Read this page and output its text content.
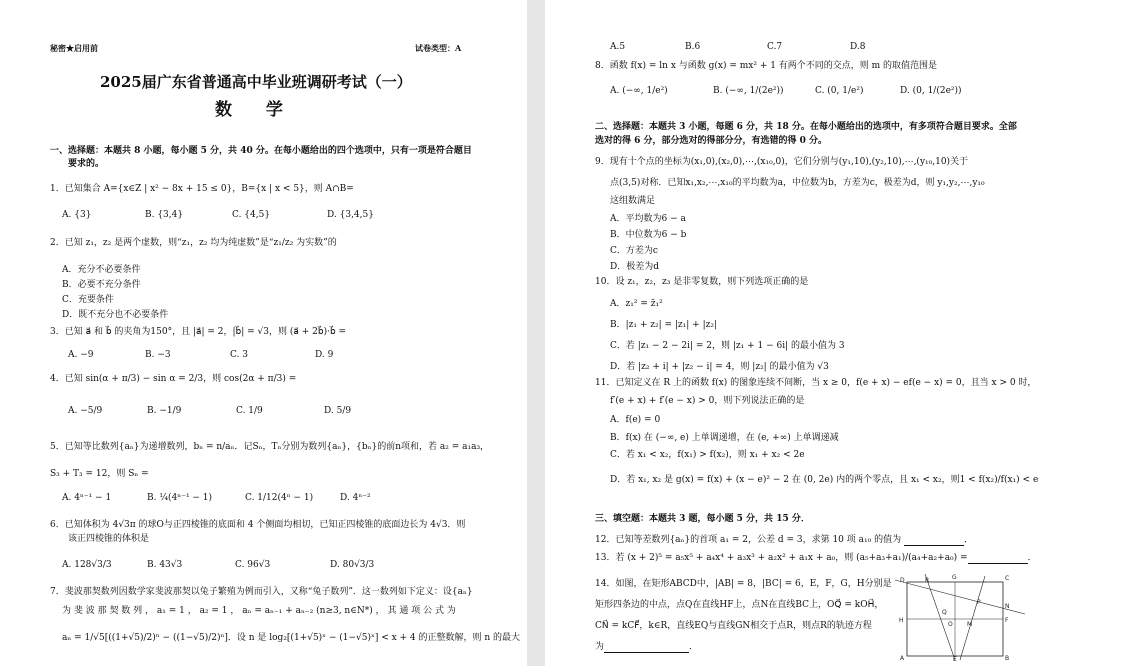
秘密★启用前	试卷类型：A
2025届广东省普通高中毕业班调研考试（一）
数 学
一、选择题：本题共 8 小题，每小题 5 分，共 40 分。在每小题给出的四个选项中，只有一项是符合题目
要求的。
1．已知集合 A={x∈Z | x² − 8x + 15 ≤ 0}，B={x | x < 5}，则 A∩B=
A. {3}	B. {3,4}	C. {4,5}	D. {3,4,5}
2．已知 z₁，z₂ 是两个虚数，则“z₁，z₂ 均为纯虚数”是“z₁/z₂ 为实数”的
A．充分不必要条件
B．必要不充分条件
C．充要条件
D．既不充分也不必要条件
3．已知 a⃗ 和 b⃗ 的夹角为150°，且 |a⃗| = 2，|b⃗| = √3，则 (a⃗ + 2b⃗)·b⃗ =
A. −9	B. −3	C. 3	D. 9
4．已知 sin(α + π/3) − sin α = 2/3，则 cos(2α + π/3) =
A. −5/9	B. −1/9	C. 1/9	D. 5/9
5．已知等比数列{aₙ}为递增数列，bₙ = n/aₙ．记Sₙ，Tₙ分别为数列{aₙ}，{bₙ}的前n项和，若 a₂ = a₁a₃，
S₃ + T₃ = 12，则 Sₙ =
A. 4ⁿ⁻¹ − 1	B. ¼(4ⁿ⁻¹ − 1)	C. 1/12(4ⁿ − 1)	D. 4ⁿ⁻²
6．已知体积为 4√3π 的球O与正四棱锥的底面和 4 个侧面均相切，已知正四棱锥的底面边长为 4√3．则
该正四棱锥的体积是
A. 128√3/3	B. 43√3	C. 96√3	D. 80√3/3
7．斐波那契数列因数学家斐波那契以兔子繁殖为例而引入，又称“兔子数列”．这一数列如下定义：设{aₙ}
为 斐 波 那 契 数 列 ， a₁ = 1 ， a₂ = 1 ， aₙ = aₙ₋₁ + aₙ₋₂ (n≥3, n∈N*) ， 其 通 项 公 式 为
aₙ = 1/√5[((1+√5)/2)ⁿ − ((1−√5)/2)ⁿ]．设 n 是 log₂[(1+√5)ˣ − (1−√5)ˣ] < x + 4 的正整数解，则 n 的最大
A.5	B.6	C.7	D.8
8．函数 f(x) = ln x 与函数 g(x) = mx² + 1 有两个不同的交点，则 m 的取值范围是
A. (−∞, 1/e²)	B. (−∞, 1/(2e²))	C. (0, 1/e²)	D. (0, 1/(2e²))
二、选择题：本题共 3 小题，每题 6 分，共 18 分。在每小题给出的选项中，有多项符合题目要求。全部
选对的得 6 分，部分选对的得部分分，有选错的得 0 分。
9．现有十个点的坐标为(x₁,0),(x₂,0),⋯,(x₁₀,0)，它们分别与(y₁,10),(y₂,10),⋯,(y₁₀,10)关于
点(3,5)对称．已知x₁,x₂,⋯,x₁₀的平均数为a，中位数为b，方差为c，极差为d，则 y₁,y₂,⋯,y₁₀
这组数满足
A．平均数为6 − a
B．中位数为6 − b
C．方差为c
D．极差为d
10．设 z₁，z₂，z₃ 是非零复数，则下列选项正确的是
A．z₁² = z̄₁²
B．|z₁ + z₂| = |z₁| + |z₂|
C．若 |z₁ − 2 − 2i| = 2，则 |z₁ + 1 − 6i| 的最小值为 3
D．若 |z₂ + i| + |z₂ − i| = 4，则 |z₂| 的最小值为 √3
11．已知定义在 R 上的函数 f(x) 的图象连续不间断，当 x ≥ 0，f(e + x) − ef(e − x) = 0，且当 x > 0 时，
f′(e + x) + f′(e − x) > 0，则下列说法正确的是
A．f(e) = 0
B．f(x) 在 (−∞, e) 上单调递增，在 (e, +∞) 上单调递减
C．若 x₁ < x₂，f(x₁) > f(x₂)，则 x₁ + x₂ < 2e
D．若 x₁, x₂ 是 g(x) = f(x) + (x − e)² − 2 在 (0, 2e) 内的两个零点，且 x₁ < x₂，则1 < f(x₂)/f(x₁) < e
三、填空题：本题共 3 题，每小题 5 分，共 15 分．
12．已知等差数列{aₙ}的首项 a₁ = 2，公差 d = 3，求第 10 项 a₁₀ 的值为	．
13．若 (x + 2)⁵ = a₅x⁵ + a₄x⁴ + a₃x³ + a₂x² + a₁x + a₀，则 (a₅+a₃+a₁)/(a₄+a₂+a₀) =	．
14．如图，在矩形ABCD中，|AB| = 8，|BC| = 6，E，F，G，H分别是
矩形四条边的中点，点Q在直线HF上，点N在直线BC上，OQ⃗ = kOH⃗，
CN⃗ = kCF⃗，k∈R，直线EQ与直线GN相交于点R，则点R的轨迹方程
为	．
D	R	G	C
P
N
H
O M
F
Q
A	E	B
